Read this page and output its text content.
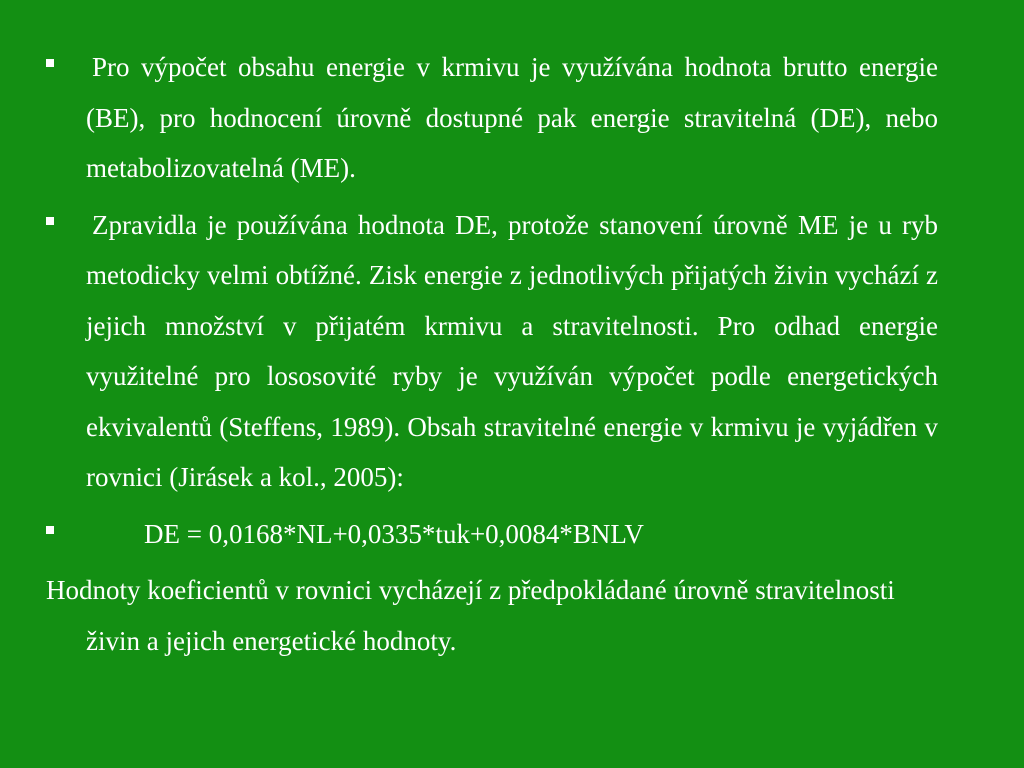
Pro výpočet obsahu energie v krmivu je využívána hodnota brutto energie (BE), pro hodnocení úrovně dostupné pak energie stravitelná (DE), nebo metabolizovatelná (ME).
Zpravidla je používána hodnota DE, protože stanovení úrovně ME je u ryb metodicky velmi obtížné. Zisk energie z jednotlivých přijatých živin vychází z jejich množství v přijatém krmivu a stravitelnosti. Pro odhad energie využitelné pro lososovité ryby je využíván výpočet podle energetických ekvivalentů (Steffens, 1989). Obsah stravitelné energie v krmivu je vyjádřen v rovnici (Jirásek a kol., 2005):
DE = 0,0168*NL+0,0335*tuk+0,0084*BNLV
Hodnoty koeficientů v rovnici vycházejí z předpokládané úrovně stravitelnosti živin a jejich energetické hodnoty.
